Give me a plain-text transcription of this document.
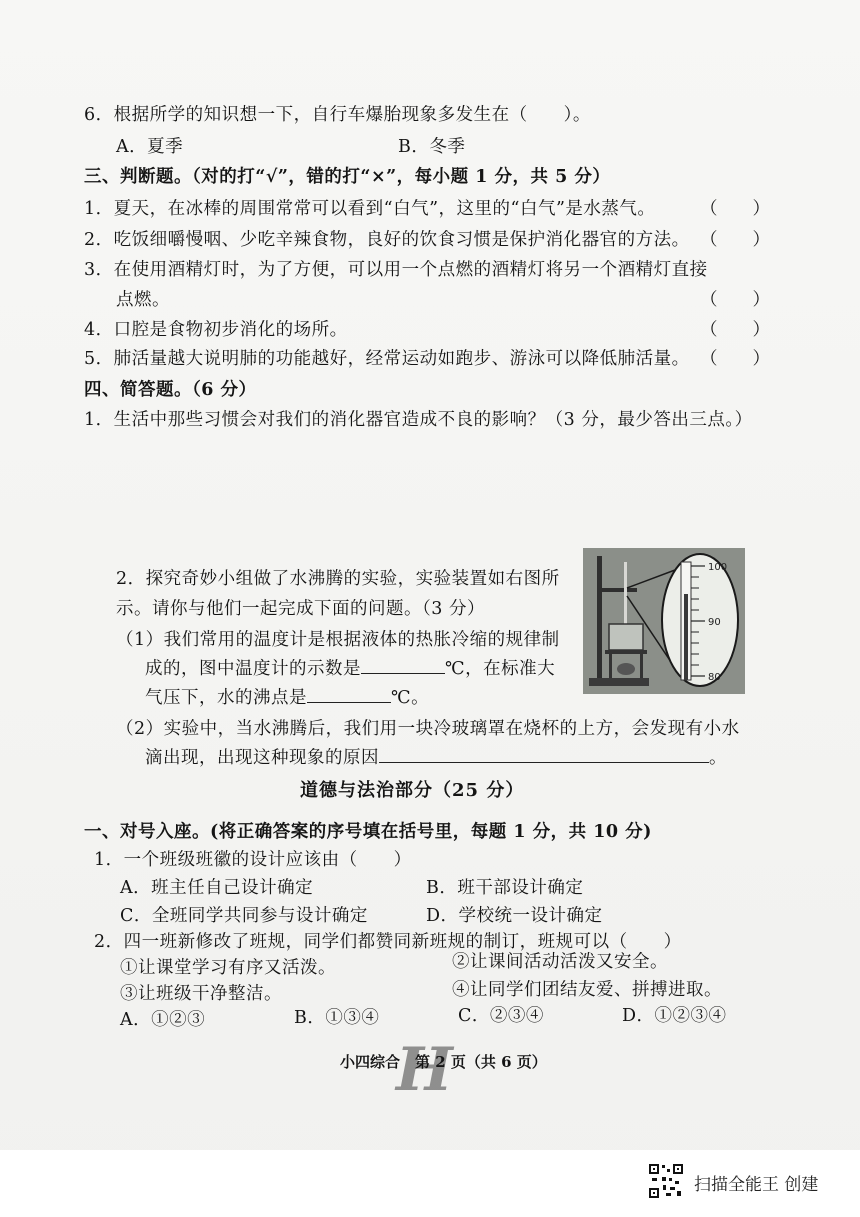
6．根据所学的知识想一下，自行车爆胎现象多发生在（　　）。
A．夏季	B．冬季
三、判断题。（对的打“√”，错的打“×”，每小题 1 分，共 5 分）
1．夏天，在冰棒的周围常常可以看到“白气”，这里的“白气”是水蒸气。	（　　）
2．吃饭细嚼慢咽、少吃辛辣食物，良好的饮食习惯是保护消化器官的方法。 （　　）
3．在使用酒精灯时，为了方便，可以用一个点燃的酒精灯将另一个酒精灯直接
点燃。	（　　）
4．口腔是食物初步消化的场所。	（　　）
5．肺活量越大说明肺的功能越好，经常运动如跑步、游泳可以降低肺活量。 （　　）
四、简答题。（6 分）
1．生活中那些习惯会对我们的消化器官造成不良的影响？（3 分，最少答出三点。）
2．探究奇妙小组做了水沸腾的实验，实验装置如右图所
示。请你与他们一起完成下面的问题。（3 分）
（1）我们常用的温度计是根据液体的热胀冷缩的规律制
成的，图中温度计的示数是	℃，在标准大
气压下，水的沸点是	℃。
（2）实验中，当水沸腾后，我们用一块冷玻璃罩在烧杯的上方，会发现有小水
滴出现，出现这种现象的原因	。
100
90
80
道德与法治部分（25 分）
一、对号入座。(将正确答案的序号填在括号里，每题 1 分，共 10 分)
1．一个班级班徽的设计应该由（　　）
A．班主任自己设计确定	B．班干部设计确定
C．全班同学共同参与设计确定	D．学校统一设计确定
2．四一班新修改了班规，同学们都赞同新班规的制订，班规可以（　　）
①让课堂学习有序又活泼。	②让课间活动活泼又安全。
③让班级干净整洁。	④让同学们团结友爱、拼搏进取。
A．①②③	B．①③④	C．②③④	D．①②③④
H
小四综合　第 2 页（共 6 页）
扫描全能王 创建
